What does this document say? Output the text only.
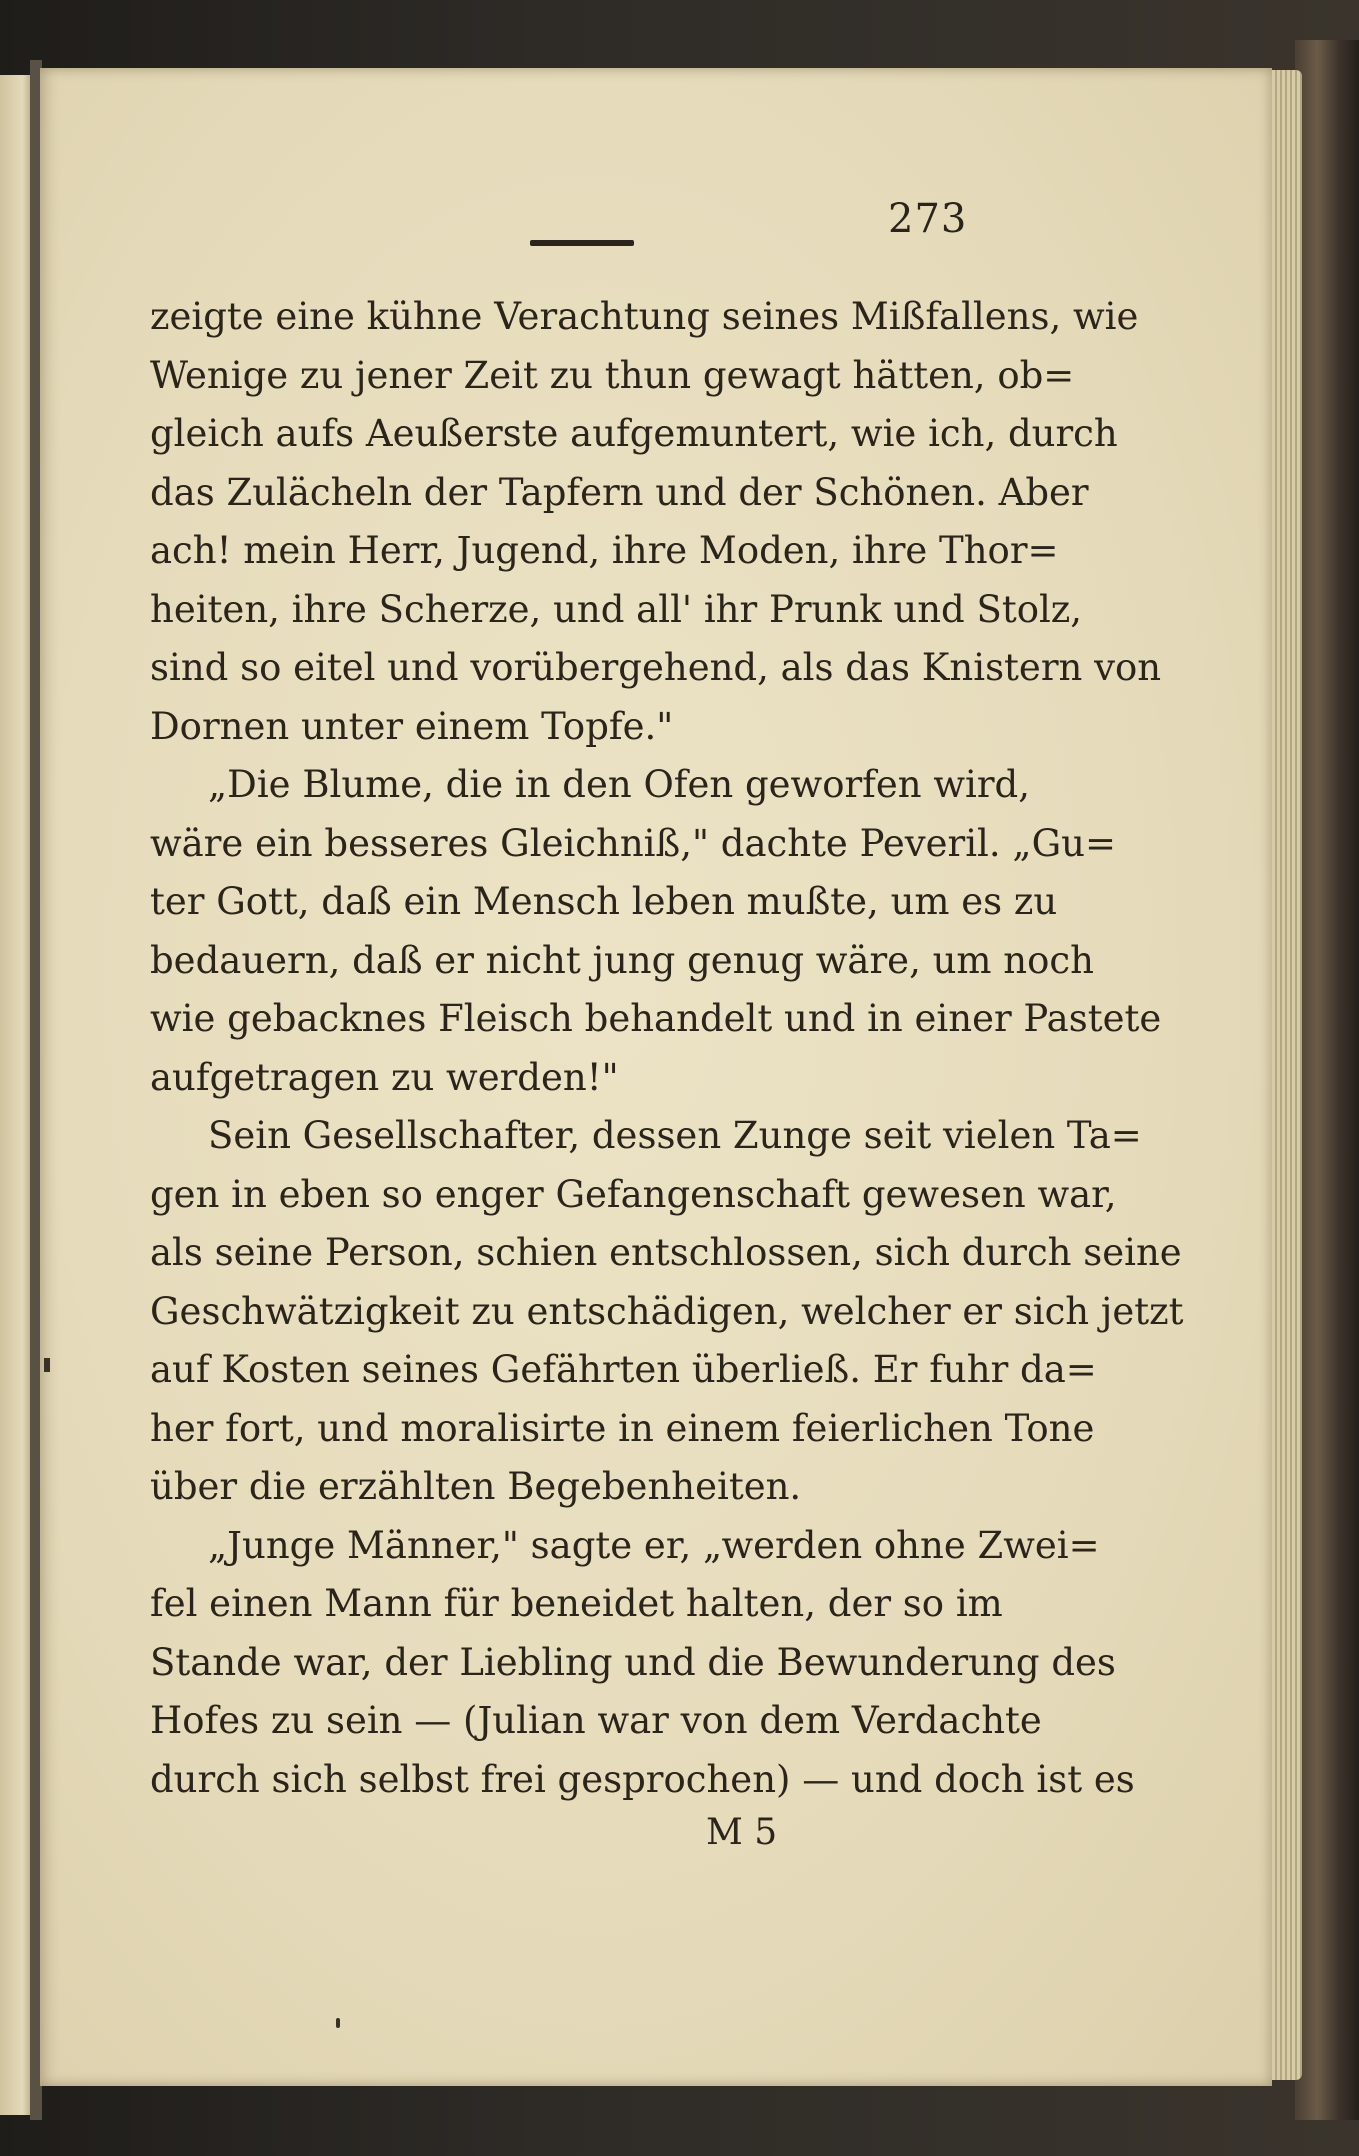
273
zeigte eine kühne Verachtung seines Mißfallens, wie
Wenige zu jener Zeit zu thun gewagt hätten, ob=
gleich aufs Aeußerste aufgemuntert, wie ich, durch
das Zulächeln der Tapfern und der Schönen. Aber
ach! mein Herr, Jugend, ihre Moden, ihre Thor=
heiten, ihre Scherze, und all' ihr Prunk und Stolz,
sind so eitel und vorübergehend, als das Knistern von
Dornen unter einem Topfe."
„Die Blume, die in den Ofen geworfen wird,
wäre ein besseres Gleichniß," dachte Peveril. „Gu=
ter Gott, daß ein Mensch leben mußte, um es zu
bedauern, daß er nicht jung genug wäre, um noch
wie gebacknes Fleisch behandelt und in einer Pastete
aufgetragen zu werden!"
Sein Gesellschafter, dessen Zunge seit vielen Ta=
gen in eben so enger Gefangenschaft gewesen war,
als seine Person, schien entschlossen, sich durch seine
Geschwätzigkeit zu entschädigen, welcher er sich jetzt
auf Kosten seines Gefährten überließ. Er fuhr da=
her fort, und moralisirte in einem feierlichen Tone
über die erzählten Begebenheiten.
„Junge Männer," sagte er, „werden ohne Zwei=
fel einen Mann für beneidet halten, der so im
Stande war, der Liebling und die Bewunderung des
Hofes zu sein — (Julian war von dem Verdachte
durch sich selbst frei gesprochen) — und doch ist es
M 5
